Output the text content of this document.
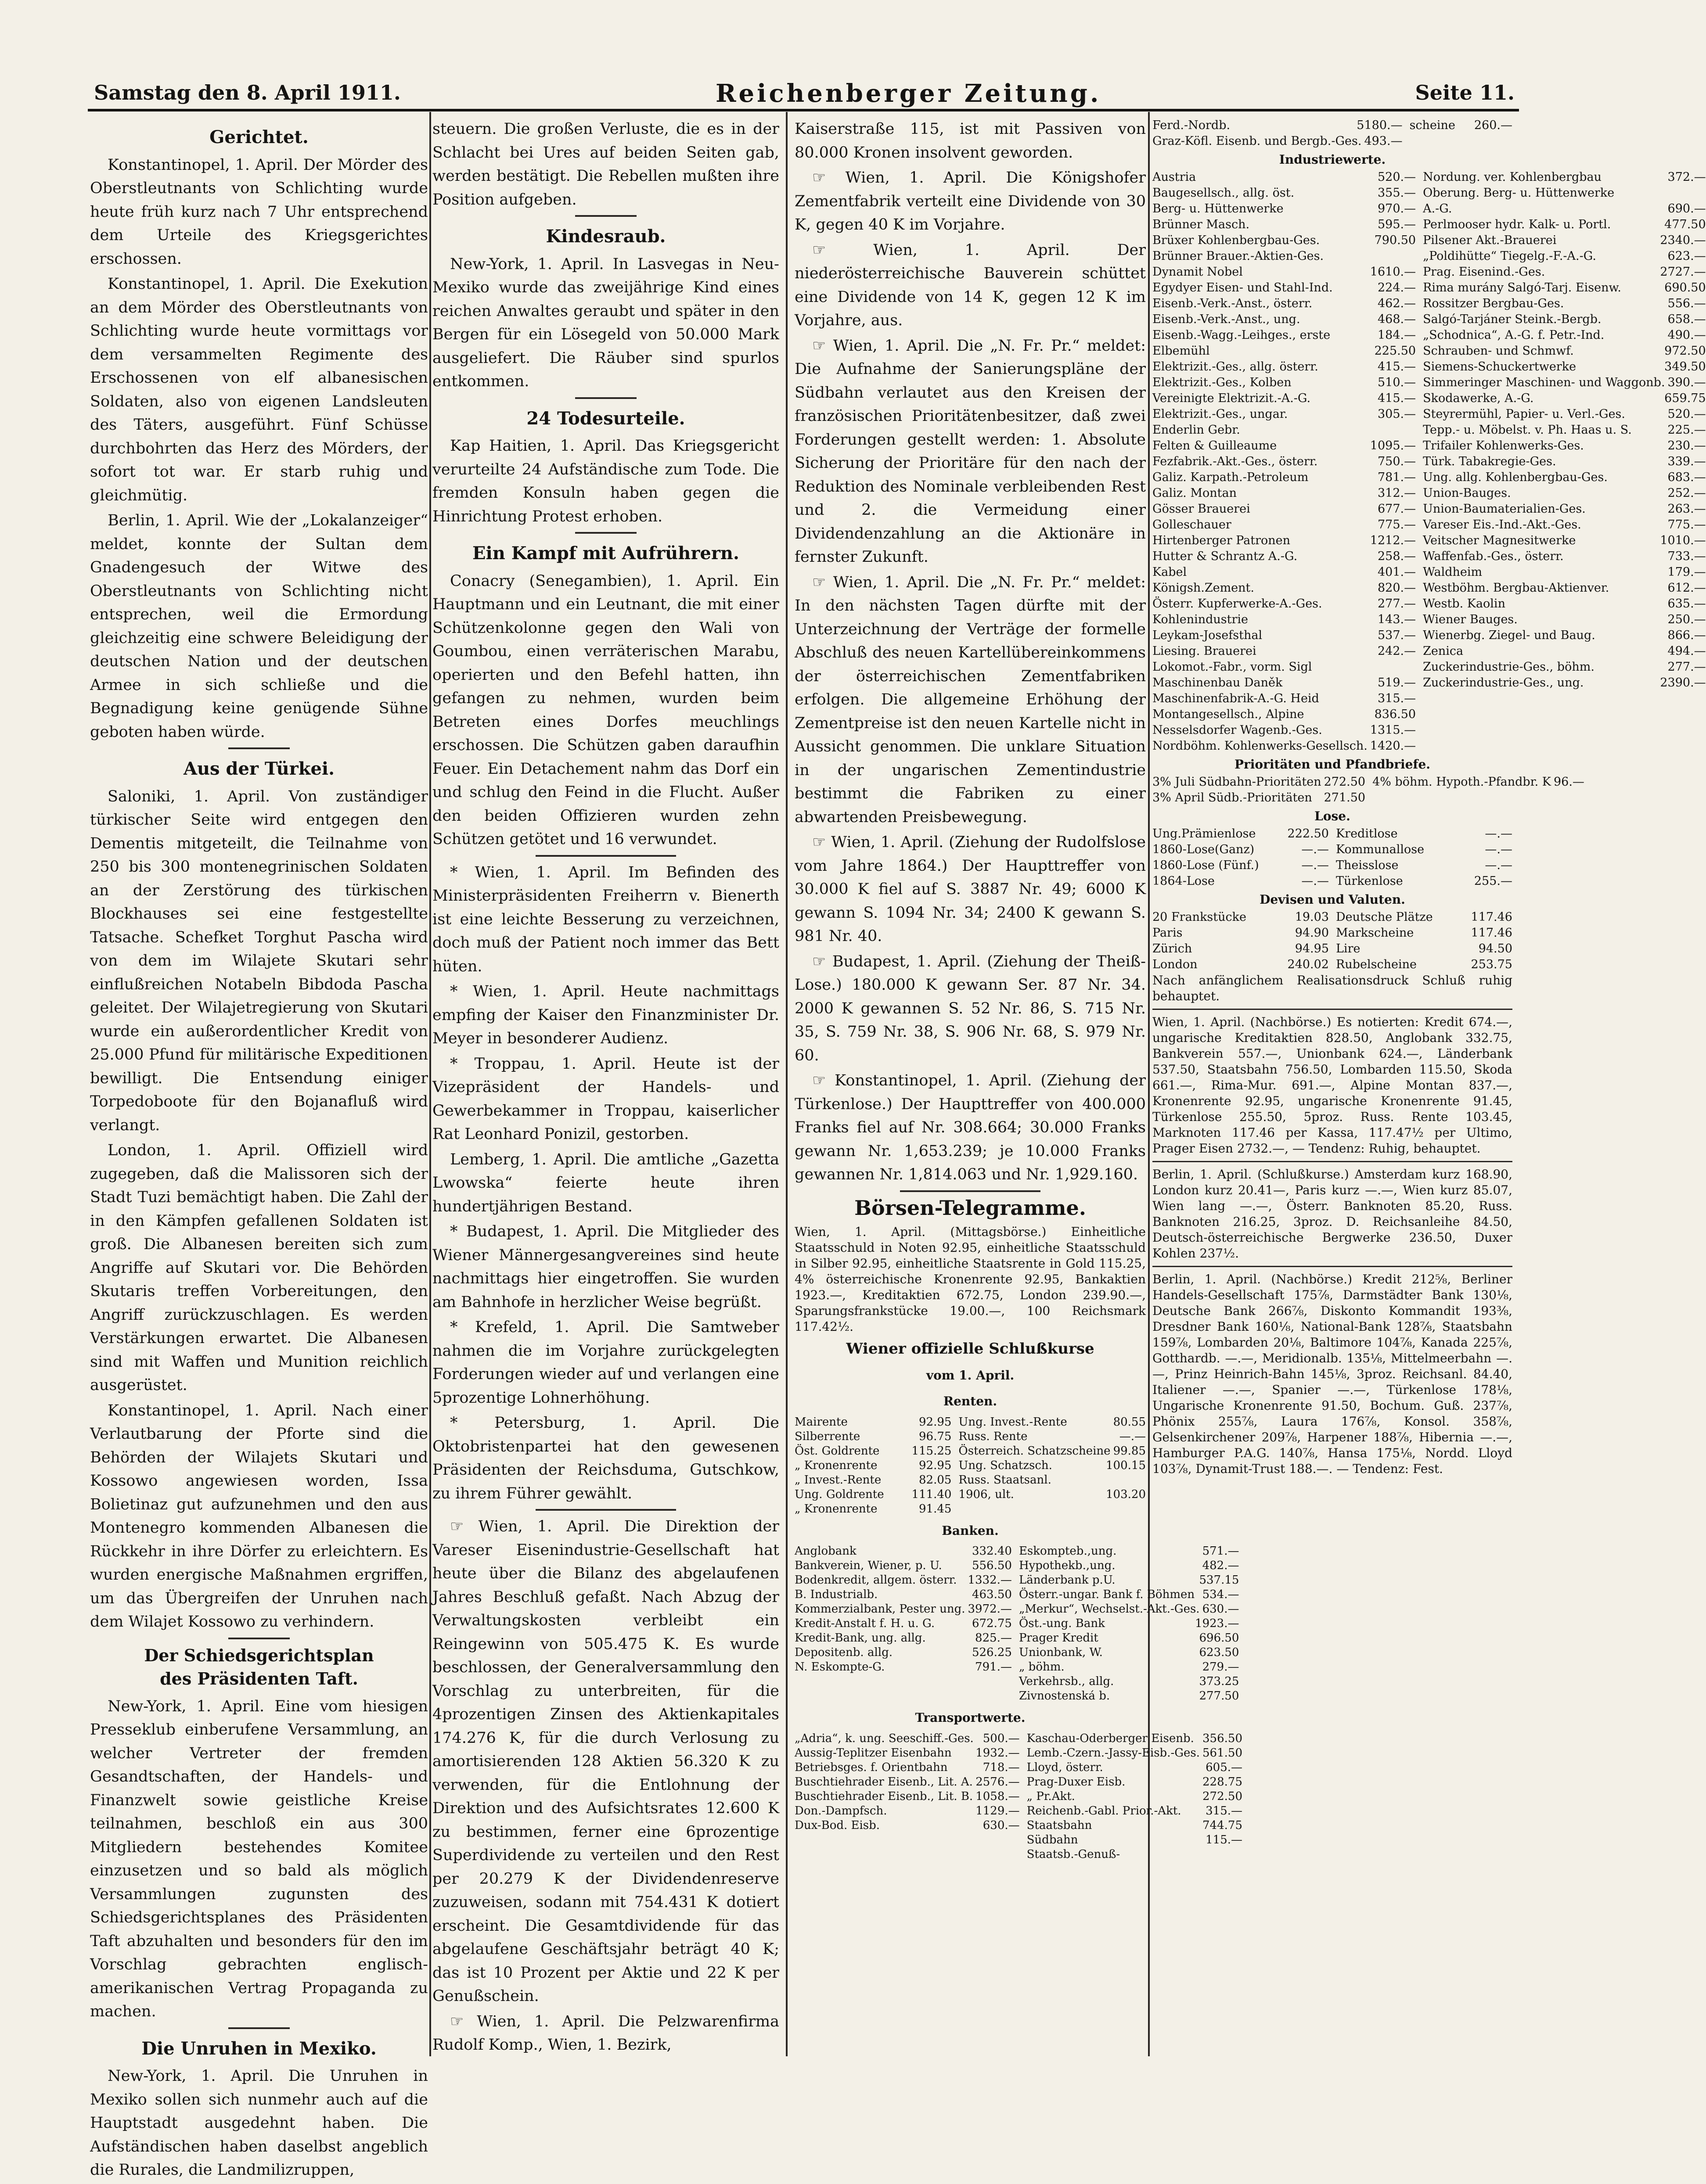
Samstag den 8. April 1911.	Reichenberger Zeitung.	Seite 11.
Gerichtet.

Konstantinopel, 1. April. Der Mörder des Oberstleutnants von Schlichting wurde heute früh kurz nach 7 Uhr entsprechend dem Urteile des Kriegsgerichtes erschossen.

Konstantinopel, 1. April. Die Exekution an dem Mörder des Oberstleutnants von Schlichting wurde heute vormittags vor dem versammelten Regimente des Erschossenen von elf albanesischen Soldaten, also von eigenen Landsleuten des Täters, ausgeführt. Fünf Schüsse durchbohrten das Herz des Mörders, der sofort tot war. Er starb ruhig und gleichmütig.

Berlin, 1. April. Wie der „Lokalanzeiger“ meldet, konnte der Sultan dem Gnadengesuch der Witwe des Oberstleutnants von Schlichting nicht entsprechen, weil die Ermordung gleichzeitig eine schwere Beleidigung der deutschen Nation und der deutschen Armee in sich schließe und die Begnadigung keine genügende Sühne geboten haben würde.

Aus der Türkei.

Saloniki, 1. April. Von zuständiger türkischer Seite wird entgegen den Dementis mitgeteilt, die Teilnahme von 250 bis 300 montenegrinischen Soldaten an der Zerstörung des türkischen Blockhauses sei eine festgestellte Tatsache. Schefket Torghut Pascha wird von dem im Wilajete Skutari sehr einflußreichen Notabeln Bibdoda Pascha geleitet. Der Wilajetregierung von Skutari wurde ein außerordentlicher Kredit von 25.000 Pfund für militärische Expeditionen bewilligt. Die Entsendung einiger Torpedoboote für den Bojanafluß wird verlangt.

London, 1. April. Offiziell wird zugegeben, daß die Malissoren sich der Stadt Tuzi bemächtigt haben. Die Zahl der in den Kämpfen gefallenen Soldaten ist groß. Die Albanesen bereiten sich zum Angriffe auf Skutari vor. Die Behörden Skutaris treffen Vorbereitungen, den Angriff zurückzuschlagen. Es werden Verstärkungen erwartet. Die Albanesen sind mit Waffen und Munition reichlich ausgerüstet.

Konstantinopel, 1. April. Nach einer Verlautbarung der Pforte sind die Behörden der Wilajets Skutari und Kossowo angewiesen worden, Issa Bolietinaz gut aufzunehmen und den aus Montenegro kommenden Albanesen die Rückkehr in ihre Dörfer zu erleichtern. Es wurden energische Maßnahmen ergriffen, um das Übergreifen der Unruhen nach dem Wilajet Kossowo zu verhindern.

Der Schiedsgerichtsplan
des Präsidenten Taft.

New-York, 1. April. Eine vom hiesigen Presseklub einberufene Versammlung, an welcher Vertreter der fremden Gesandtschaften, der Handels- und Finanzwelt sowie geistliche Kreise teilnahmen, beschloß ein aus 300 Mitgliedern bestehendes Komitee einzusetzen und so bald als möglich Versammlungen zugunsten des Schiedsgerichtsplanes des Präsidenten Taft abzuhalten und besonders für den im Vorschlag gebrachten englisch-amerikanischen Vertrag Propaganda zu machen.

Die Unruhen in Mexiko.

New-York, 1. April. Die Unruhen in Mexiko sollen sich nunmehr auch auf die Hauptstadt ausgedehnt haben. Die Aufständischen haben daselbst angeblich die Rurales, die Landmilizruppen,

steuern. Die großen Verluste, die es in der Schlacht bei Ures auf beiden Seiten gab, werden bestätigt. Die Rebellen mußten ihre Position aufgeben.

Kindesraub.

New-York, 1. April. In Lasvegas in Neu-Mexiko wurde das zweijährige Kind eines reichen Anwaltes geraubt und später in den Bergen für ein Lösegeld von 50.000 Mark ausgeliefert. Die Räuber sind spurlos entkommen.

24 Todesurteile.

Kap Haitien, 1. April. Das Kriegsgericht verurteilte 24 Aufständische zum Tode. Die fremden Konsuln haben gegen die Hinrichtung Protest erhoben.

Ein Kampf mit Aufrührern.

Conacry (Senegambien), 1. April. Ein Hauptmann und ein Leutnant, die mit einer Schützenkolonne gegen den Wali von Goumbou, einen verräterischen Marabu, operierten und den Befehl hatten, ihn gefangen zu nehmen, wurden beim Betreten eines Dorfes meuchlings erschossen. Die Schützen gaben daraufhin Feuer. Ein Detachement nahm das Dorf ein und schlug den Feind in die Flucht. Außer den beiden Offizieren wurden zehn Schützen getötet und 16 verwundet.

* Wien, 1. April. Im Befinden des Ministerpräsidenten Freiherrn v. Bienerth ist eine leichte Besserung zu verzeichnen, doch muß der Patient noch immer das Bett hüten.

* Wien, 1. April. Heute nachmittags empfing der Kaiser den Finanzminister Dr. Meyer in besonderer Audienz.

* Troppau, 1. April. Heute ist der Vizepräsident der Handels- und Gewerbekammer in Troppau, kaiserlicher Rat Leonhard Ponizil, gestorben.

Lemberg, 1. April. Die amtliche „Gazetta Lwowska“ feierte heute ihren hundertjährigen Bestand.

* Budapest, 1. April. Die Mitglieder des Wiener Männergesangvereines sind heute nachmittags hier eingetroffen. Sie wurden am Bahnhofe in herzlicher Weise begrüßt.

* Krefeld, 1. April. Die Samtweber nahmen die im Vorjahre zurückgelegten Forderungen wieder auf und verlangen eine 5prozentige Lohnerhöhung.

* Petersburg, 1. April. Die Oktobristenpartei hat den gewesenen Präsidenten der Reichsduma, Gutschkow, zu ihrem Führer gewählt.

☞ Wien, 1. April. Die Direktion der Vareser Eisenindustrie-Gesellschaft hat heute über die Bilanz des abgelaufenen Jahres Beschluß gefaßt. Nach Abzug der Verwaltungskosten verbleibt ein Reingewinn von 505.475 K. Es wurde beschlossen, der Generalversammlung den Vorschlag zu unterbreiten, für die 4prozentigen Zinsen des Aktienkapitales 174.276 K, für die durch Verlosung zu amortisierenden 128 Aktien 56.320 K zu verwenden, für die Entlohnung der Direktion und des Aufsichtsrates 12.600 K zu bestimmen, ferner eine 6prozentige Superdividende zu verteilen und den Rest per 20.279 K der Dividendenreserve zuzuweisen, sodann mit 754.431 K dotiert erscheint. Die Gesamtdividende für das abgelaufene Geschäftsjahr beträgt 40 K; das ist 10 Prozent per Aktie und 22 K per Genußschein.

☞ Wien, 1. April. Die Pelzwarenfirma Rudolf Komp., Wien, 1. Bezirk,

Kaiserstraße 115, ist mit Passiven von 80.000 Kronen insolvent geworden.

☞ Wien, 1. April. Die Königshofer Zementfabrik verteilt eine Dividende von 30 K, gegen 40 K im Vorjahre.

☞ Wien, 1. April. Der niederösterreichische Bauverein schüttet eine Dividende von 14 K, gegen 12 K im Vorjahre, aus.

☞ Wien, 1. April. Die „N. Fr. Pr.“ meldet: Die Aufnahme der Sanierungspläne der Südbahn verlautet aus den Kreisen der französischen Prioritätenbesitzer, daß zwei Forderungen gestellt werden: 1. Absolute Sicherung der Prioritäre für den nach der Reduktion des Nominale verbleibenden Rest und 2. die Vermeidung einer Dividendenzahlung an die Aktionäre in fernster Zukunft.

☞ Wien, 1. April. Die „N. Fr. Pr.“ meldet: In den nächsten Tagen dürfte mit der Unterzeichnung der Verträge der formelle Abschluß des neuen Kartellübereinkommens der österreichischen Zementfabriken erfolgen. Die allgemeine Erhöhung der Zementpreise ist den neuen Kartelle nicht in Aussicht genommen. Die unklare Situation in der ungarischen Zementindustrie bestimmt die Fabriken zu einer abwartenden Preisbewegung.

☞ Wien, 1. April. (Ziehung der Rudolfslose vom Jahre 1864.) Der Haupttreffer von 30.000 K fiel auf S. 3887 Nr. 49; 6000 K gewann S. 1094 Nr. 34; 2400 K gewann S. 981 Nr. 40.

☞ Budapest, 1. April. (Ziehung der Theiß-Lose.) 180.000 K gewann Ser. 87 Nr. 34. 2000 K gewannen S. 52 Nr. 86, S. 715 Nr. 35, S. 759 Nr. 38, S. 906 Nr. 68, S. 979 Nr. 60.

☞ Konstantinopel, 1. April. (Ziehung der Türkenlose.) Der Haupttreffer von 400.000 Franks fiel auf Nr. 308.664; 30.000 Franks gewann Nr. 1,653.239; je 10.000 Franks gewannen Nr. 1,814.063 und Nr. 1,929.160.

Börsen-Telegramme.
Wien, 1. April. (Mittagsbörse.) Einheitliche Staatsschuld in Noten 92.95, einheitliche Staatsschuld in Silber 92.95, einheitliche Staatsrente in Gold 115.25, 4% österreichische Kronenrente 92.95, Bankaktien 1923.—, Kreditaktien 672.75, London 239.90.—, Sparungsfrankstücke 19.00.—, 100 Reichsmark 117.42½.
Wiener offizielle Schlußkurse
vom 1. April.
Renten.
Mairente	92.95
Silberrente	96.75
Öst. Goldrente	115.25
„ Kronenrente	92.95
„ Invest.-Rente	82.05
Ung. Goldrente 111.40
„ Kronenrente	91.45
Ung. Invest.-Rente	80.55
Russ. Rente	—.—
Österreich. Schatzscheine 99.85
Ung. Schatzsch.	100.15
Russ. Staatsanl.
1906, ult.	103.20
Banken.
Anglobank	332.40
Bankverein, Wiener, p. U.	556.50
Bodenkredit, allgem. österr. 1332.—
B. Industrialb.	463.50
Kommerzialbank, Pester ung. 3972.—
Kredit-Anstalt f. H. u. G.	672.75
Kredit-Bank, ung. allg.	825.—
Depositenb. allg.	526.25
N. Eskompte-G.	791.—
Eskompteb.,ung.	571.—
Hypothekb.,ung.	482.—
Länderbank p.U.	537.15
Österr.-ungar. Bank f. Böhmen 534.—
„Merkur“, Wechselst.-Akt.-Ges. 630.—
Öst.-ung. Bank	1923.—
Prager Kredit	696.50
Unionbank, W.	623.50
„ böhm.	279.—
Verkehrsb., allg.	373.25
Zivnostenská b.	277.50
Transportwerte.
„Adria“, k. ung. Seeschiff.-Ges. 500.—
Aussig-Teplitzer Eisenbahn 1932.—
Betriebsges. f. Orientbahn	718.—
Buschtiehrader Eisenb., Lit. A. 2576.—
Buschtiehrader Eisenb., Lit. B. 1058.—
Don.-Dampfsch.	1129.—
Dux-Bod. Eisb.	630.—
Kaschau-Oderberger Eisenb. 356.50
Lemb.-Czern.-Jassy-Eisb.-Ges. 561.50
Lloyd, österr.	605.—
Prag-Duxer Eisb.	228.75
„ Pr.Akt.	272.50
Reichenb.-Gabl. Prior.-Akt. 315.—
Staatsbahn	744.75
Südbahn	115.—
Staatsb.-Genuß-
Ferd.-Nordb.	5180.—
Graz-Köfl. Eisenb. und Bergb.-Ges. 493.—
scheine 260.—
Industriewerte.
Austria	520.—
Baugesellsch., allg. öst.	355.—
Berg- u. Hüttenwerke	970.—
Brünner Masch.	595.—
Brüxer Kohlenbergbau-Ges.	790.50
Brünner Brauer.-Aktien-Ges.
Dynamit Nobel	1610.—
Egydyer Eisen- und Stahl-Ind.	224.—
Eisenb.-Verk.-Anst., österr.	462.—
Eisenb.-Verk.-Anst., ung.	468.—
Eisenb.-Wagg.-Leihges., erste	184.—
Elbemühl	225.50
Elektrizit.-Ges., allg. österr.	415.—
Elektrizit.-Ges., Kolben	510.—
Vereinigte Elektrizit.-A.-G.	415.—
Elektrizit.-Ges., ungar.	305.—
Enderlin Gebr.
Felten & Guilleaume	1095.—
Fezfabrik.-Akt.-Ges., österr.	750.—
Galiz. Karpath.-Petroleum	781.—
Galiz. Montan	312.—
Gösser Brauerei	677.—
Golleschauer	775.—
Hirtenberger Patronen	1212.—
Hutter & Schrantz A.-G.	258.—
Kabel	401.—
Königsh.Zement.	820.—
Österr. Kupferwerke-A.-Ges.	277.—
Kohlenindustrie	143.—
Leykam-Josefsthal	537.—
Liesing. Brauerei	242.—
Lokomot.-Fabr., vorm. Sigl
Maschinenbau Daněk	519.—
Maschinenfabrik-A.-G. Heid	315.—
Montangesellsch., Alpine	836.50
Nesselsdorfer Wagenb.-Ges.	1315.—
Nordböhm. Kohlenwerks-Gesellsch. 1420.—
Nordung. ver. Kohlenbergbau	372.—
Oberung. Berg- u. Hüttenwerke
A.-G.	690.—
Perlmooser hydr. Kalk- u. Portl.	477.50
Pilsener Akt.-Brauerei	2340.—
„Poldihütte“ Tiegelg.-F.-A.-G.	623.—
Prag. Eisenind.-Ges.	2727.—
Rima murány Salgó-Tarj. Eisenw.	690.50
Rossitzer Bergbau-Ges.	556.—
Salgó-Tarjáner Steink.-Bergb.	658.—
„Schodnica“, A.-G. f. Petr.-Ind.	490.—
Schrauben- und Schmwf.	972.50
Siemens-Schuckertwerke	349.50
Simmeringer Maschinen- und Waggonb. 390.—
Skodawerke, A.-G.	659.75
Steyrermühl, Papier- u. Verl.-Ges.	520.—
Tepp.- u. Möbelst. v. Ph. Haas u. S.	225.—
Trifailer Kohlenwerks-Ges.	230.—
Türk. Tabakregie-Ges.	339.—
Ung. allg. Kohlenbergbau-Ges.	683.—
Union-Bauges.	252.—
Union-Baumaterialien-Ges.	263.—
Vareser Eis.-Ind.-Akt.-Ges.	775.—
Veitscher Magnesitwerke	1010.—
Waffenfab.-Ges., österr.	733.—
Waldheim	179.—
Westböhm. Bergbau-Aktienver.	612.—
Westb. Kaolin	635.—
Wiener Bauges.	250.—
Wienerbg. Ziegel- und Baug.	866.—
Zenica	494.—
Zuckerindustrie-Ges., böhm.	277.—
Zuckerindustrie-Ges., ung.	2390.—
Prioritäten und Pfandbriefe.
3% Juli Südbahn-Prioritäten 272.50
3% April Südb.-Prioritäten 271.50
4% böhm. Hypoth.-Pfandbr. K 96.—
Lose.
Ung.Prämienlose	222.50
1860-Lose(Ganz)	—.—
1860-Lose (Fünf.)	—.—
1864-Lose	—.—
Kreditlose	—.—
Kommunallose	—.—
Theisslose	—.—
Türkenlose	255.—
Devisen und Valuten.
20 Frankstücke	19.03
Paris	94.90
Zürich	94.95
London	240.02
Deutsche Plätze	117.46
Markscheine	117.46
Lire	94.50
Rubelscheine	253.75
Nach anfänglichem Realisationsdruck Schluß ruhig behauptet.
Wien, 1. April. (Nachbörse.) Es notierten: Kredit 674.—, ungarische Kreditaktien 828.50, Anglobank 332.75, Bankverein 557.—, Unionbank 624.—, Länderbank 537.50, Staatsbahn 756.50, Lombarden 115.50, Skoda 661.—, Rima-Mur. 691.—, Alpine Montan 837.—, Kronenrente 92.95, ungarische Kronenrente 91.45, Türkenlose 255.50, 5proz. Russ. Rente 103.45, Marknoten 117.46 per Kassa, 117.47½ per Ultimo, Prager Eisen 2732.—, — Tendenz: Ruhig, behauptet.
Berlin, 1. April. (Schlußkurse.) Amsterdam kurz 168.90, London kurz 20.41—, Paris kurz —.—, Wien kurz 85.07, Wien lang —.—, Österr. Banknoten 85.20, Russ. Banknoten 216.25, 3proz. D. Reichsanleihe 84.50, Deutsch-österreichische Bergwerke 236.50, Duxer Kohlen 237½.
Berlin, 1. April. (Nachbörse.) Kredit 212⅝, Berliner Handels-Gesellschaft 175⅞, Darmstädter Bank 130⅛, Deutsche Bank 266⅞, Diskonto Kommandit 193⅜, Dresdner Bank 160⅛, National-Bank 128⅞, Staatsbahn 159⅞, Lombarden 20⅛, Baltimore 104⅞, Kanada 225⅞, Gotthardb. —.—, Meridionalb. 135⅛, Mittelmeerbahn —.—, Prinz Heinrich-Bahn 145⅛, 3proz. Reichsanl. 84.40, Italiener —.—, Spanier —.—, Türkenlose 178⅛, Ungarische Kronenrente 91.50, Bochum. Guß. 237⅞, Phönix 255⅞, Laura 176⅞, Konsol. 358⅞, Gelsenkirchener 209⅞, Harpener 188⅞, Hibernia —.—, Hamburger P.A.G. 140⅞, Hansa 175⅛, Nordd. Lloyd 103⅞, Dynamit-Trust 188.—. — Tendenz: Fest.
